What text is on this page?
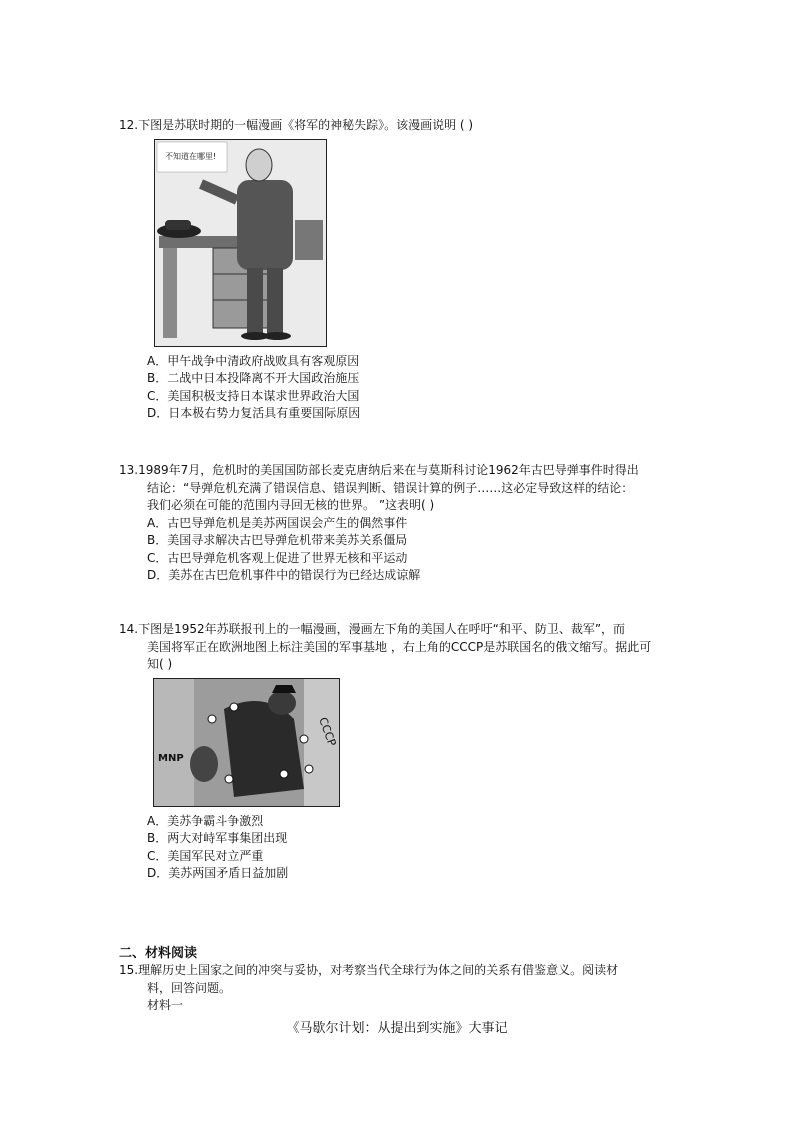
12.下图是苏联时期的一幅漫画《将军的神秘失踪》。该漫画说明 ( )

不知道在哪里!

A．甲午战争中清政府战败具有客观原因

B．二战中日本投降离不开大国政治施压

C．美国积极支持日本谋求世界政治大国

D．日本极右势力复活具有重要国际原因

13.1989年7月，危机时的美国国防部长麦克唐纳后来在与莫斯科讨论1962年古巴导弹事件时得出
结论：“导弹危机充满了错误信息、错误判断、错误计算的例子……这必定导致这样的结论：
我们必须在可能的范围内寻回无核的世界。 ”这表明( )

A．古巴导弹危机是美苏两国误会产生的偶然事件

B．美国寻求解决古巴导弹危机带来美苏关系僵局

C．古巴导弹危机客观上促进了世界无核和平运动

D．美苏在古巴危机事件中的错误行为已经达成谅解

14.下图是1952年苏联报刊上的一幅漫画，漫画左下角的美国人在呼吁“和平、防卫、裁军”，而
美国将军正在欧洲地图上标注美国的军事基地 ，右上角的CCCP是苏联国名的俄文缩写。据此可
知( )

СССР
MNP

A．美苏争霸斗争激烈

B．两大对峙军事集团出现

C．美国军民对立严重

D．美苏两国矛盾日益加剧

二、材料阅读

15.理解历史上国家之间的冲突与妥协，对考察当代全球行为体之间的关系有借鉴意义。阅读材
料，回答问题。

材料一

《马歇尔计划：从提出到实施》大事记
